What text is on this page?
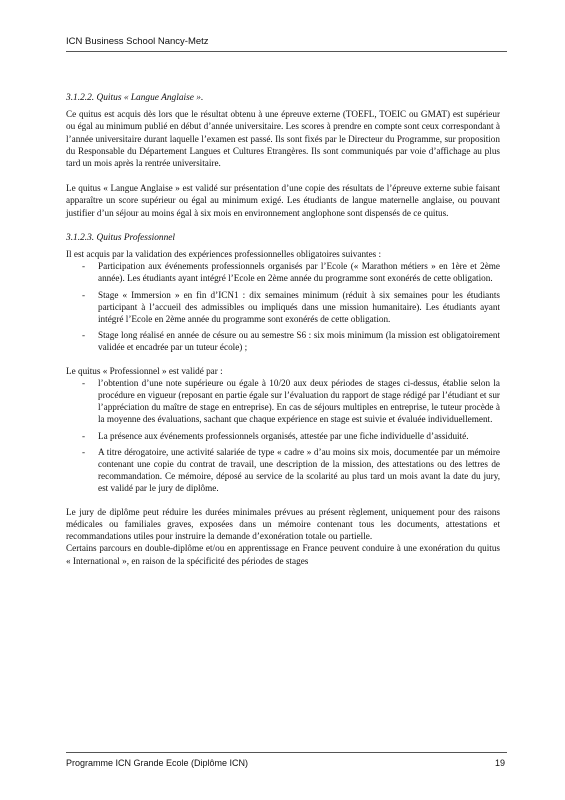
ICN Business School Nancy-Metz
3.1.2.2. Quitus « Langue Anglaise ».

Ce quitus est acquis dès lors que le résultat obtenu à une épreuve externe (TOEFL, TOEIC ou GMAT) est supérieur ou égal au minimum publié en début d’année universitaire. Les scores à prendre en compte sont ceux correspondant à l’année universitaire durant laquelle l’examen est passé. Ils sont fixés par le Directeur du Programme, sur proposition du Responsable du Département Langues et Cultures Etrangères. Ils sont communiqués par voie d’affichage au plus tard un mois après la rentrée universitaire.

Le quitus « Langue Anglaise » est validé sur présentation d’une copie des résultats de l’épreuve externe subie faisant apparaître un score supérieur ou égal au minimum exigé. Les étudiants de langue maternelle anglaise, ou pouvant justifier d’un séjour au moins égal à six mois en environnement anglophone sont dispensés de ce quitus.

3.1.2.3. Quitus Professionnel

Il est acquis par la validation des expériences professionnelles obligatoires suivantes :

- Participation aux événements professionnels organisés par l’Ecole (« Marathon métiers » en 1ère et 2ème année). Les étudiants ayant intégré l’Ecole en 2ème année du programme sont exonérés de cette obligation.
- Stage « Immersion » en fin d’ICN1 : dix semaines minimum (réduit à six semaines pour les étudiants participant à l’accueil des admissibles ou impliqués dans une mission humanitaire). Les étudiants ayant intégré l’Ecole en 2ème année du programme sont exonérés de cette obligation.
- Stage long réalisé en année de césure ou au semestre S6 : six mois minimum (la mission est obligatoirement validée et encadrée par un tuteur école) ;

Le quitus « Professionnel » est validé par :

- l’obtention d’une note supérieure ou égale à 10/20 aux deux périodes de stages ci-dessus, établie selon la procédure en vigueur (reposant en partie égale sur l’évaluation du rapport de stage rédigé par l’étudiant et sur l’appréciation du maître de stage en entreprise). En cas de séjours multiples en entreprise, le tuteur procède à la moyenne des évaluations, sachant que chaque expérience en stage est suivie et évaluée individuellement.
- La présence aux événements professionnels organisés, attestée par une fiche individuelle d’assiduité.
- A titre dérogatoire, une activité salariée de type « cadre » d’au moins six mois, documentée par un mémoire contenant une copie du contrat de travail, une description de la mission, des attestations ou des lettres de recommandation. Ce mémoire, déposé au service de la scolarité au plus tard un mois avant la date du jury, est validé par le jury de diplôme.

Le jury de diplôme peut réduire les durées minimales prévues au présent règlement, uniquement pour des raisons médicales ou familiales graves, exposées dans un mémoire contenant tous les documents, attestations et recommandations utiles pour instruire la demande d’exonération totale ou partielle.

Certains parcours en double-diplôme et/ou en apprentissage en France peuvent conduire à une exonération du quitus « International », en raison de la spécificité des périodes de stages

Programme ICN Grande Ecole (Diplôme ICN)	19
